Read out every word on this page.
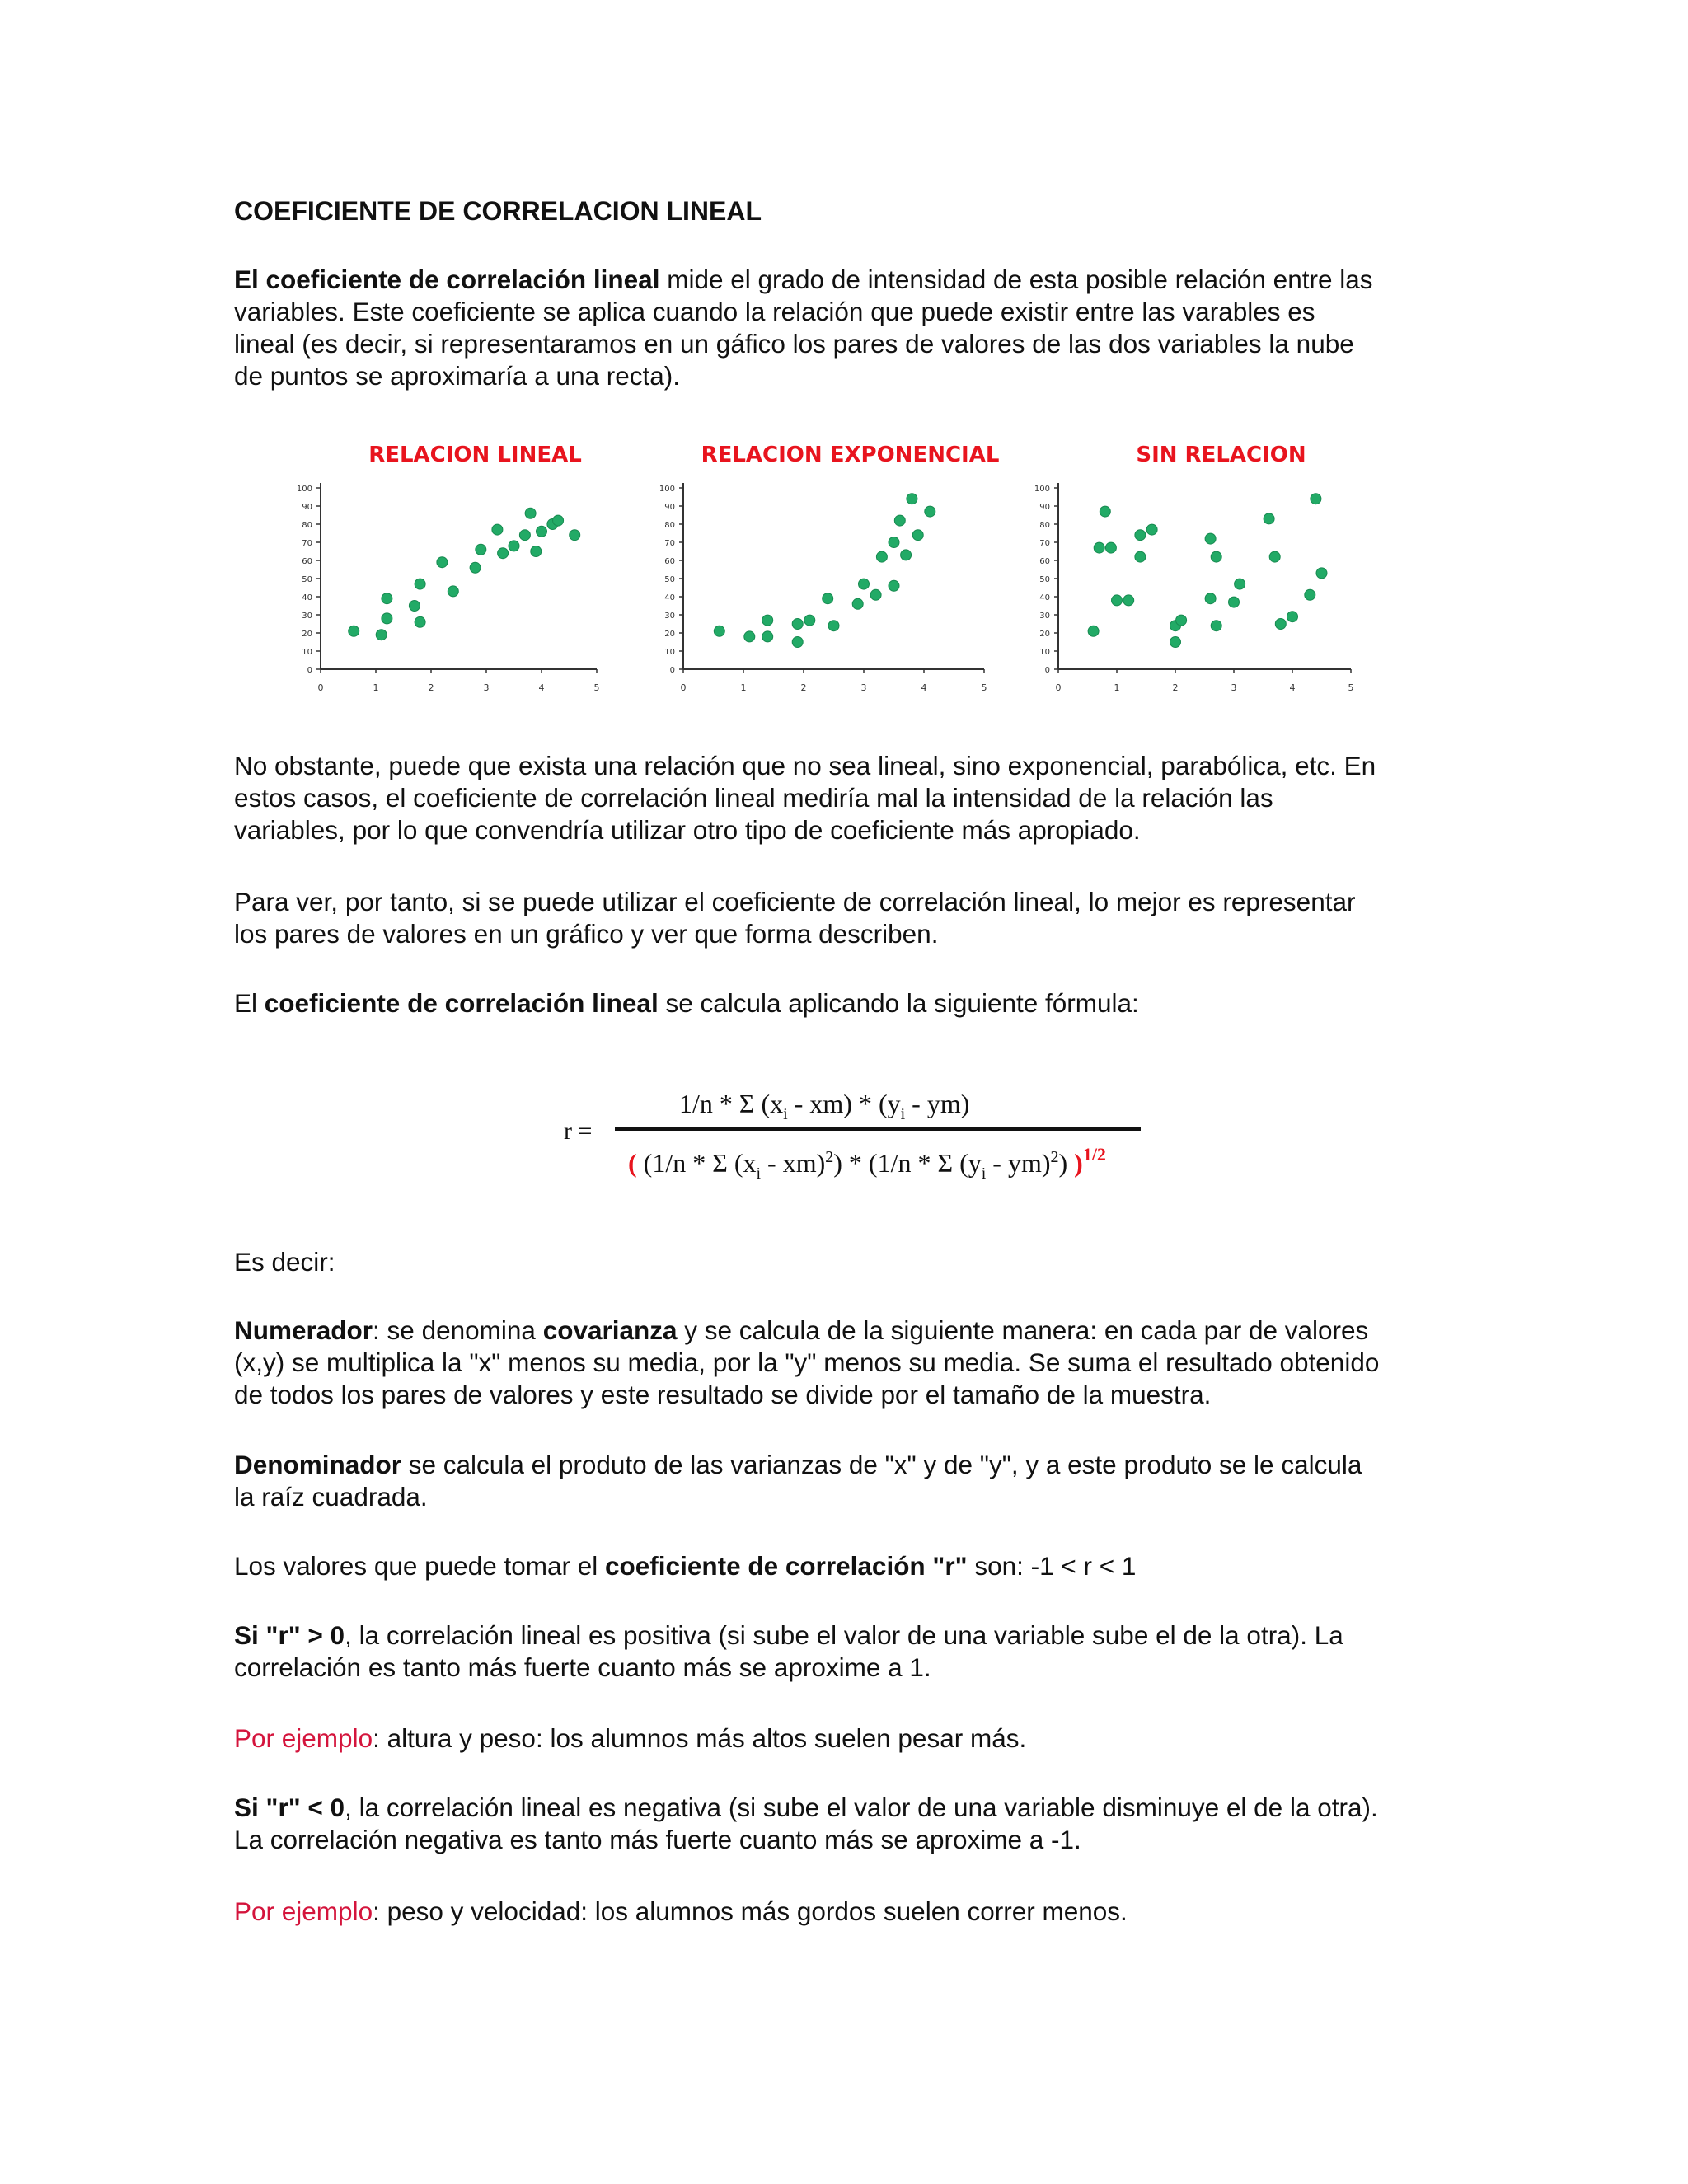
COEFICIENTE DE CORRELACION LINEAL

El coeficiente de correlación lineal mide el grado de intensidad de esta posible relación entre las
variables. Este coeficiente se aplica cuando la relación que puede existir entre las varables es
lineal (es decir, si representaramos en un gáfico los pares de valores de las dos variables la nube
de puntos se aproximaría a una recta).

RELACION LINEAL
0
10
20
30
40
50
60
70
80
90
100
0	1	2	3	4	5
RELACION EXPONENCIAL
0
10
20
30
40
50
60
70
80
90
100
0	1	2	3	4	5
SIN RELACION
0
10
20
30
40
50
60
70
80
90
100
0	1	2	3	4	5

No obstante, puede que exista una relación que no sea lineal, sino exponencial, parabólica, etc. En
estos casos, el coeficiente de correlación lineal mediría mal la intensidad de la relación las
variables, por lo que convendría utilizar otro tipo de coeficiente más apropiado.

Para ver, por tanto, si se puede utilizar el coeficiente de correlación lineal, lo mejor es representar
los pares de valores en un gráfico y ver que forma describen.

El coeficiente de correlación lineal se calcula aplicando la siguiente fórmula:

r =
1/n * Σ $(x_i - xm) * (y_i - ym)$
( (1/n * Σ $(x_i - xm)^2) * (1/n$ * Σ $(y_i - ym)^2$) )$^{1/2}$

Es decir:

Numerador: se denomina covarianza y se calcula de la siguiente manera: en cada par de valores
(x,y) se multiplica la "x" menos su media, por la "y" menos su media. Se suma el resultado obtenido
de todos los pares de valores y este resultado se divide por el tamaño de la muestra.

Denominador se calcula el produto de las varianzas de "x" y de "y", y a este produto se le calcula
la raíz cuadrada.

Los valores que puede tomar el coeficiente de correlación "r" son: -1 < r < 1

Si "r" > 0, la correlación lineal es positiva (si sube el valor de una variable sube el de la otra). La
correlación es tanto más fuerte cuanto más se aproxime a 1.

Por ejemplo: altura y peso: los alumnos más altos suelen pesar más.

Si "r" < 0, la correlación lineal es negativa (si sube el valor de una variable disminuye el de la otra).
La correlación negativa es tanto más fuerte cuanto más se aproxime a -1.

Por ejemplo: peso y velocidad: los alumnos más gordos suelen correr menos.
